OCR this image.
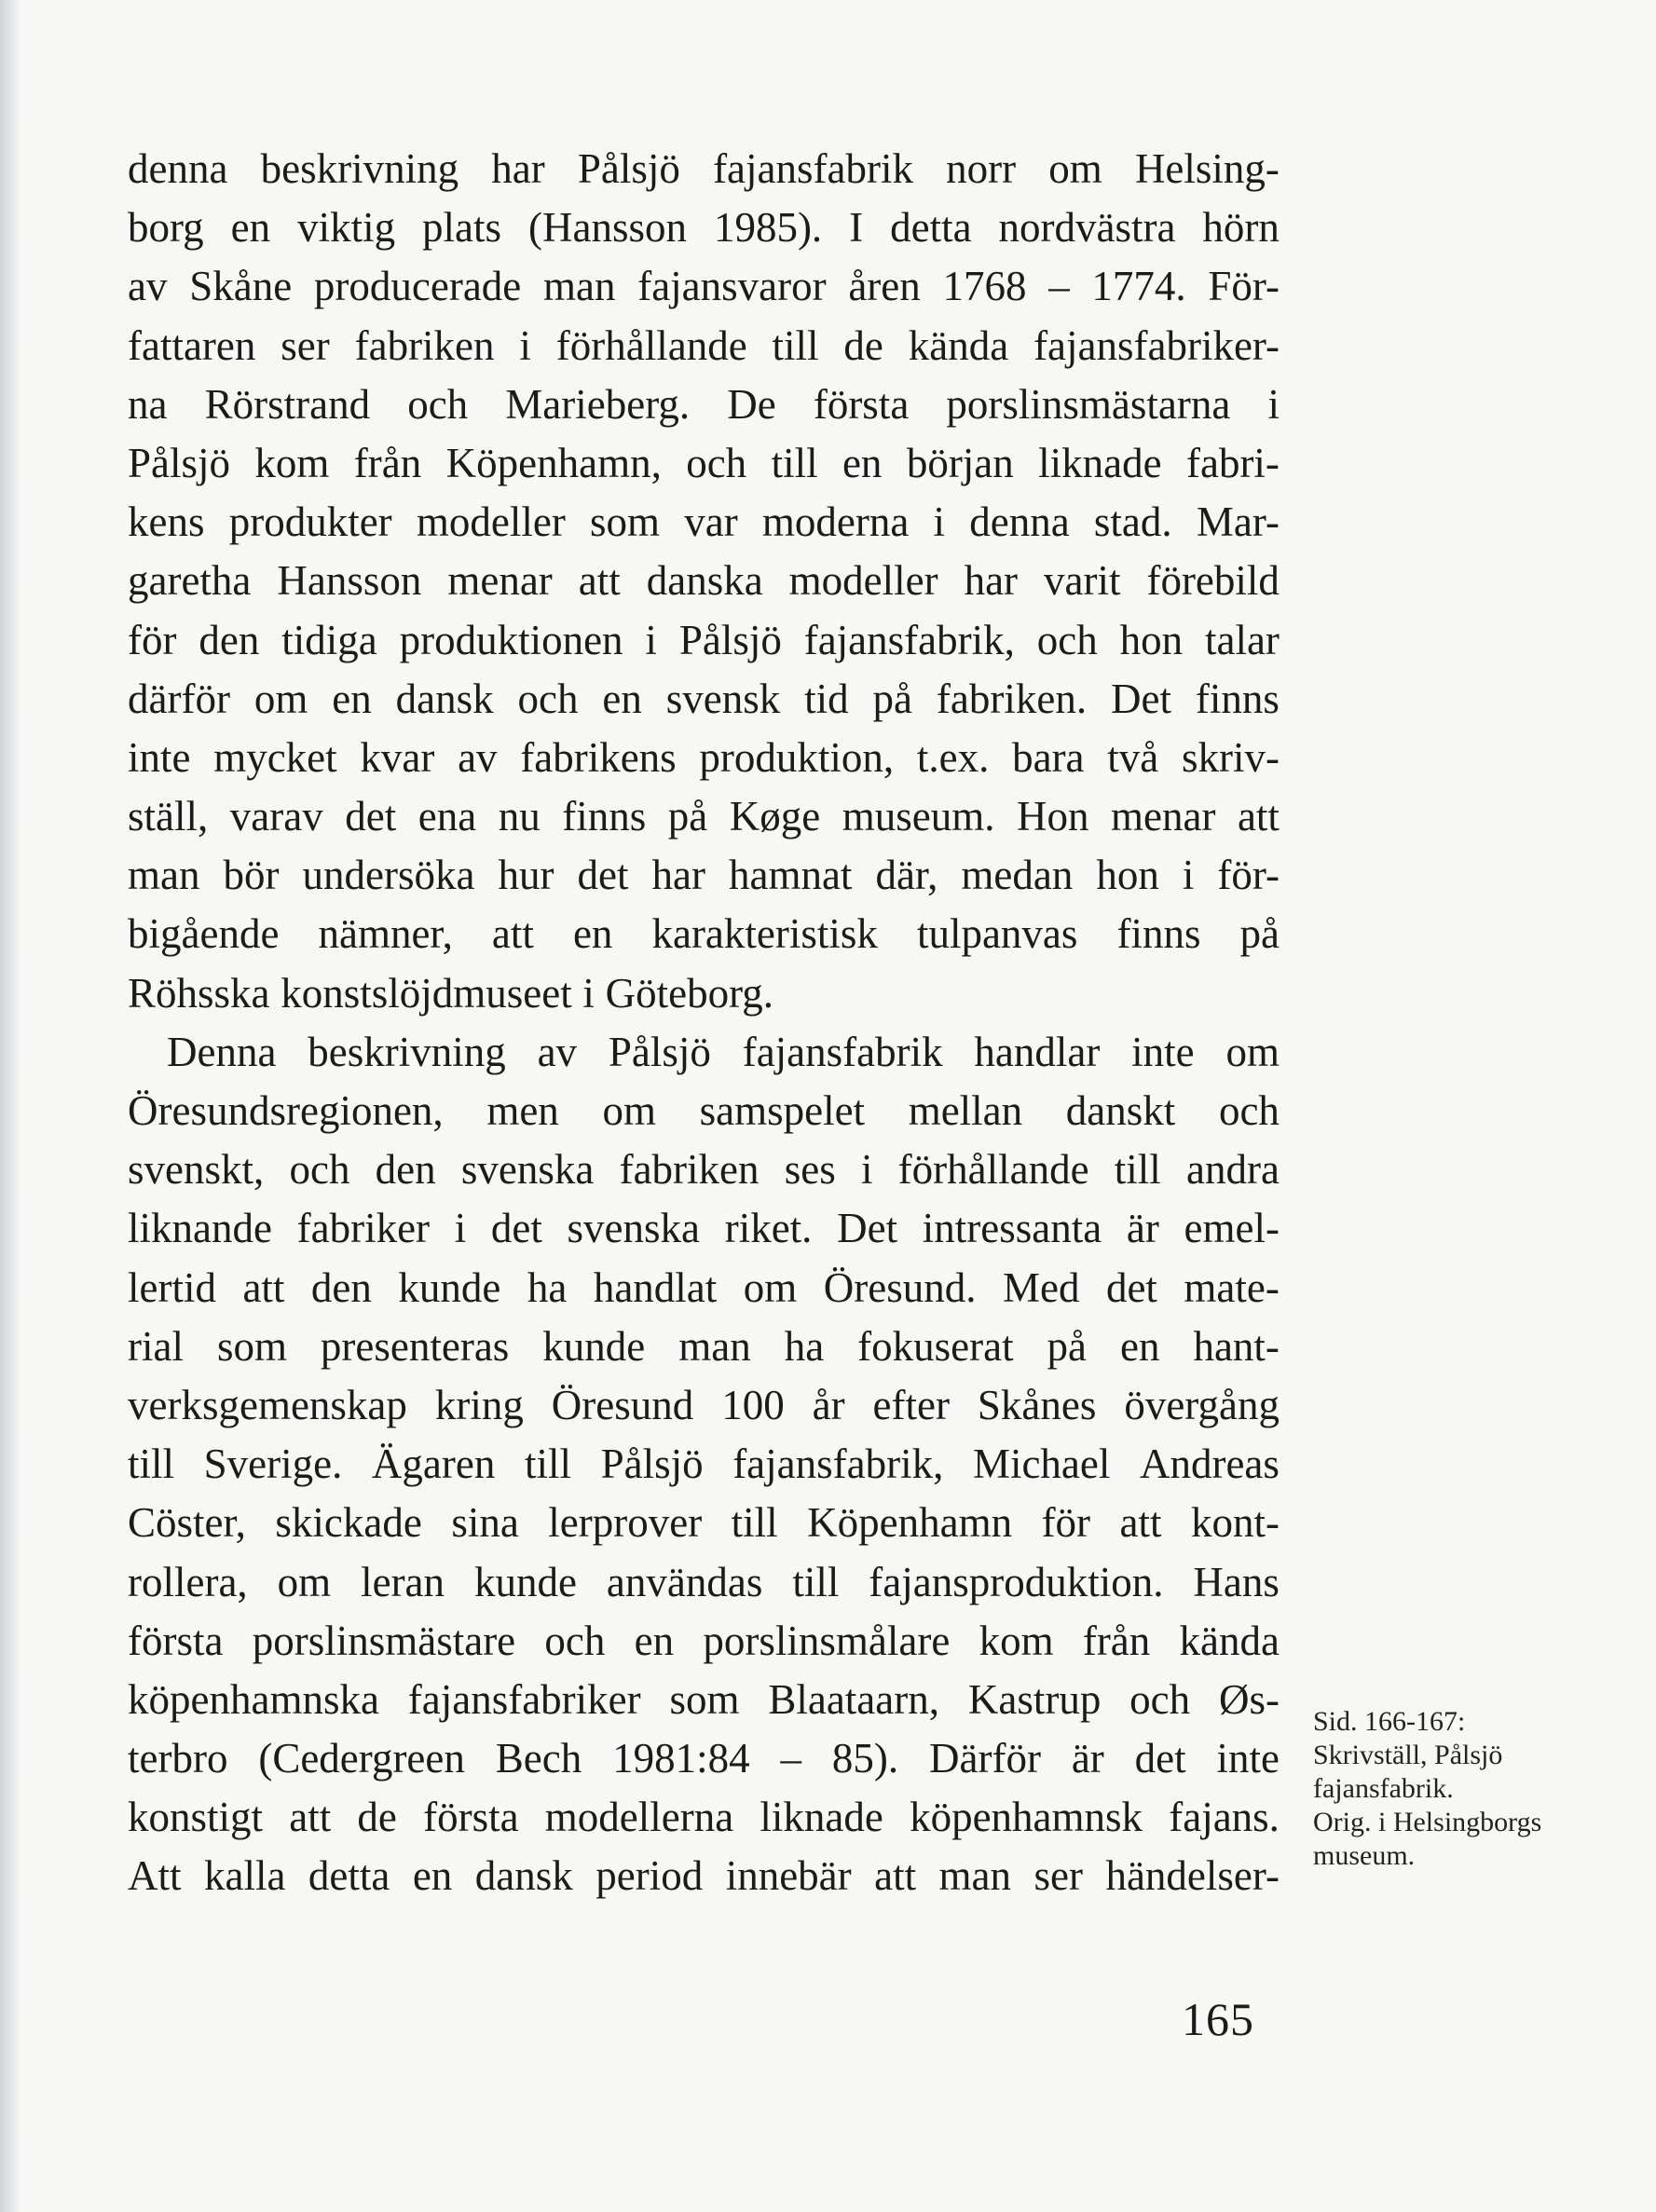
denna beskrivning har Pålsjö fajansfabrik norr om Helsing-
borg en viktig plats (Hansson 1985). I detta nordvästra hörn
av Skåne producerade man fajansvaror åren 1768 – 1774. För-
fattaren ser fabriken i förhållande till de kända fajansfabriker-
na Rörstrand och Marieberg. De första porslinsmästarna i
Pålsjö kom från Köpenhamn, och till en början liknade fabri-
kens produkter modeller som var moderna i denna stad. Mar-
garetha Hansson menar att danska modeller har varit förebild
för den tidiga produktionen i Pålsjö fajansfabrik, och hon talar
därför om en dansk och en svensk tid på fabriken. Det finns
inte mycket kvar av fabrikens produktion, t.ex. bara två skriv-
ställ, varav det ena nu finns på Køge museum. Hon menar att
man bör undersöka hur det har hamnat där, medan hon i för-
bigående nämner, att en karakteristisk tulpanvas finns på
Röhsska konstslöjdmuseet i Göteborg.
Denna beskrivning av Pålsjö fajansfabrik handlar inte om
Öresundsregionen, men om samspelet mellan danskt och
svenskt, och den svenska fabriken ses i förhållande till andra
liknande fabriker i det svenska riket. Det intressanta är emel-
lertid att den kunde ha handlat om Öresund. Med det mate-
rial som presenteras kunde man ha fokuserat på en hant-
verksgemenskap kring Öresund 100 år efter Skånes övergång
till Sverige. Ägaren till Pålsjö fajansfabrik, Michael Andreas
Cöster, skickade sina lerprover till Köpenhamn för att kont-
rollera, om leran kunde användas till fajansproduktion. Hans
första porslinsmästare och en porslinsmålare kom från kända
köpenhamnska fajansfabriker som Blaataarn, Kastrup och Øs-
terbro (Cedergreen Bech 1981:84 – 85). Därför är det inte
konstigt att de första modellerna liknade köpenhamnsk fajans.
Att kalla detta en dansk period innebär att man ser händelser-
Sid. 166-167:
Skrivställ, Pålsjö
fajansfabrik.
Orig. i Helsingborgs
museum.
165
